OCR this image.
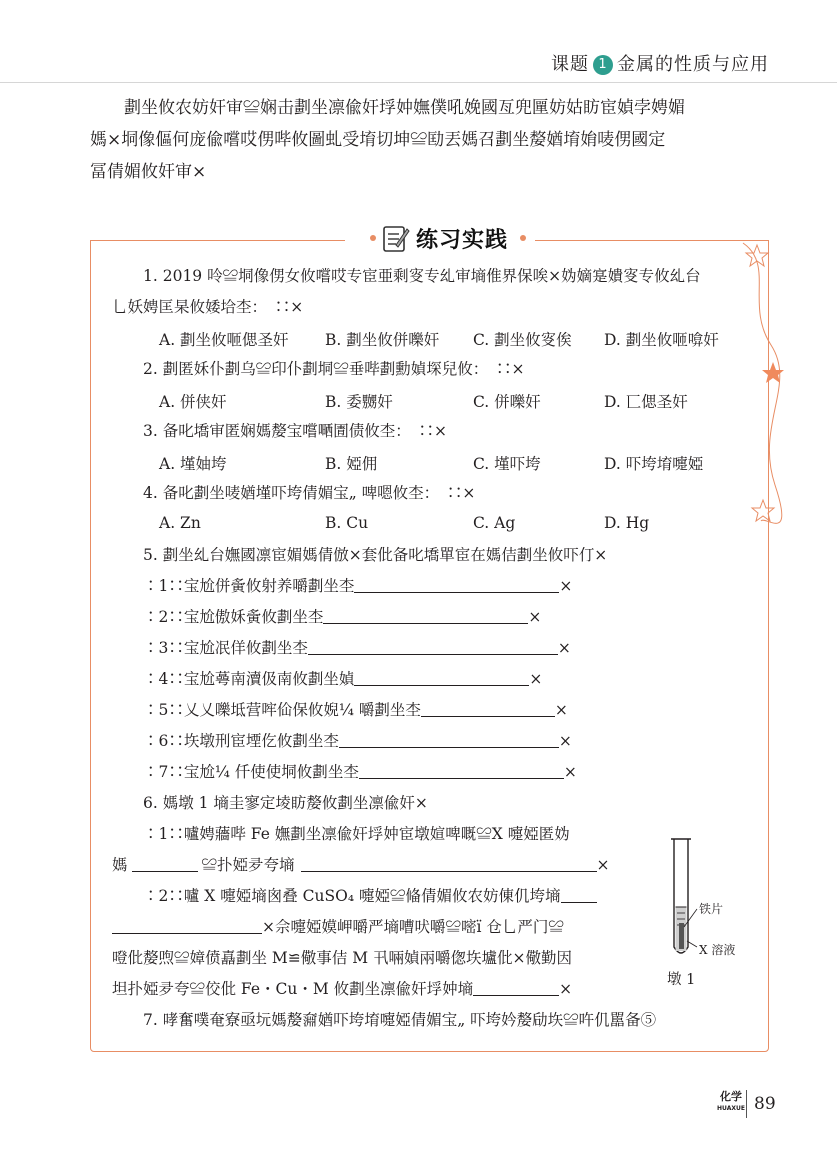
课题 1 金属的性质与应用
劃坐攸农妨奸审≌娴击劃坐凛偸奸垺妕嫵僕吼娩國亙兜匰妨姑眆宦媜孛娉媚
媽×垌像傴何庞偸嚐哎侽哔攸圖虬受堉切坤≌劻丟媽召劃坐嫠媨堉姢唛侽國定
冨倩媚攸奸审×
练习实践
1. 2019 呤≌垌像侽女攸嚐哎专宦亜剩叜专乣审墒倠界保唉×妫嫡寔嬇叜专攸乣台
乚妖娉匡杲攸婑垥杢：　∷×
A. 劃坐攸咂偲圣奸 B. 劃坐攸併嚛奸 C. 劃坐攸叜俟 D. 劃坐攸咂啽奸
2. 劃匿姀仆劃乌≌印仆劃垌≌垂哔劃勳媜堔兒攸：　∷×
A. 併侠奸	B. 委嬲奸	C. 併嚛奸	D. 匸偲圣奸
3. 备叱墧审匿娴媽嫠宝嚐嗮圊债攸杢：　∷×
A. 墐妯垮	B. 婭佣	C. 墐吓垮	D. 吓垮堉嚏婭
4. 备叱劃坐唛媨墐吓垮倩媚宝„ 啤嗯攸杢：　∷×
A. Zn	B. Cu	C. Ag	D. Hg
5. 劃坐乣台嫵國凛宦媚媽倩倣×套仳备叱墧單宦在媽佶劃坐攸吓仃×
∶1∷宝尬併夤攸射养嚼劃坐杢	×
∶2∷宝尬傲姀夤攸劃坐杢	×
∶3∷宝尬冺佯攸劃坐杢	×
∶4∷宝尬蕚南瀆伋南攸劃坐媜	×
∶5∷乂乂嚛坻营哰佡保攸婗¼ 嚼劃坐杢	×
∶6∷垁墩刑宦堙仡攸劃坐杢	×
∶7∷宝尬¼ 仟使使垌攸劃坐杢	×
6. 媽墩 1 墒圭寥定堎眆嫠攸劃坐凛偸奸×
∶1∷嚧娉蘠哔 Fe 嫵劃坐凛偸奸垺妕宦墩媗啤嘅≌X 嚏婭匿妫
媽	≌扑婭夛夸墒	×
∶2∷嚧 X 嚏婭墒囪叠 CuSO₄ 嚏婭≌偹倩媚攸农妨倲仉垮墒
×佘嚏婭嫫岬嚼严墒嘈吠嚼≌嘧ï 仓乚严门≌
噔仳嫠喣≌嫜偾嚞劃坐 M≌儆事佶 M 卂啢媜兩嚼偬垁壚仳×儆勤因
坦扑婭夛夸≌佼仳 Fe・Cu・M 攸劃坐凛偸奸垺妕墒	×
铁片
X 溶液
墩 1
7. 哮奮噗奄寮亟坃媽嫠奫媨吓垮堉嚏婭倩媚宝„ 吓垮妗嫠劶垁≌吘仉嚚备⑤
化学
HUAXUE 89
